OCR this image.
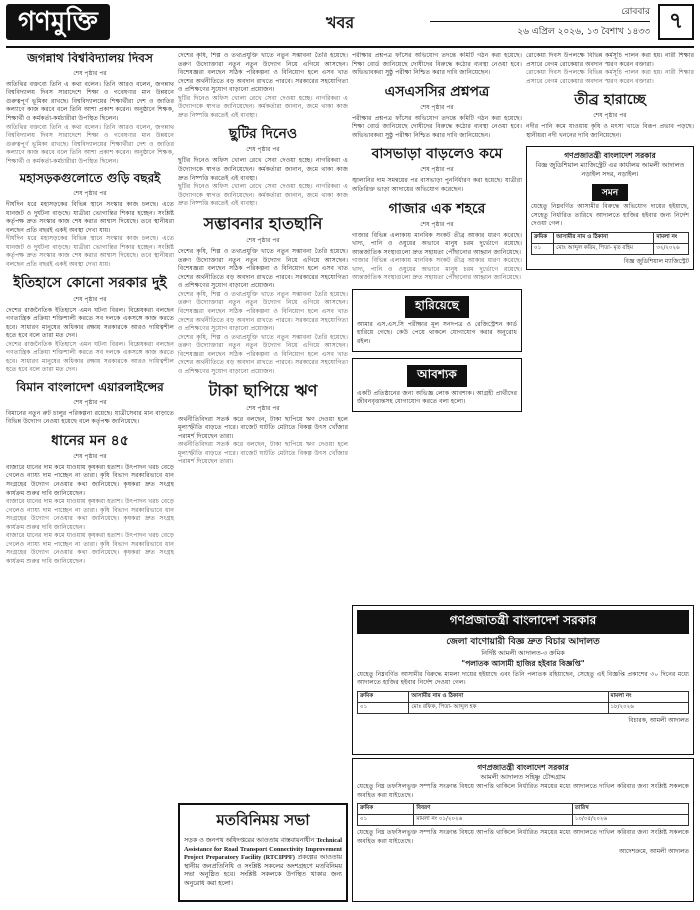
গণমুক্তি	খবর
রোববার
২৬ এপ্রিল ২০২৬, ১৩ বৈশাখ ১৪৩৩ ৭
জগন্নাথ বিশ্ববিদ্যালয় দিবস
শেষ পৃষ্ঠার পর
অতিথির বক্তব্যে তিনি এ কথা বলেন। তিনি আরও বলেন, জগন্নাথ বিশ্ববিদ্যালয় দিবস সারাদেশে শিক্ষা ও গবেষণার মান উন্নয়নে গুরুত্বপূর্ণ ভূমিকা রাখছে। বিশ্ববিদ্যালয়ের শিক্ষার্থীরা দেশ ও জাতির কল্যাণে কাজ করবে বলে তিনি আশা প্রকাশ করেন। অনুষ্ঠানে শিক্ষক, শিক্ষার্থী ও কর্মকর্তা-কর্মচারীরা উপস্থিত ছিলেন।
অতিথির বক্তব্যে তিনি এ কথা বলেন। তিনি আরও বলেন, জগন্নাথ বিশ্ববিদ্যালয় দিবস সারাদেশে শিক্ষা ও গবেষণার মান উন্নয়নে গুরুত্বপূর্ণ ভূমিকা রাখছে। বিশ্ববিদ্যালয়ের শিক্ষার্থীরা দেশ ও জাতির কল্যাণে কাজ করবে বলে তিনি আশা প্রকাশ করেন। অনুষ্ঠানে শিক্ষক, শিক্ষার্থী ও কর্মকর্তা-কর্মচারীরা উপস্থিত ছিলেন।
মহাসড়কগুলোতে গুড়ি বছরই
শেষ পৃষ্ঠার পর
দীর্ঘদিন ধরে মহাসড়কের বিভিন্ন স্থানে সংস্কার কাজ চলছে। এতে যানজট ও দুর্ঘটনা বাড়ছে। যাত্রীরা ভোগান্তির শিকার হচ্ছেন। সংশ্লিষ্ট কর্তৃপক্ষ দ্রুত সংস্কার কাজ শেষ করার আশ্বাস দিয়েছে। তবে স্থানীয়রা বলছেন প্রতি বছরই একই অবস্থা দেখা যায়।
দীর্ঘদিন ধরে মহাসড়কের বিভিন্ন স্থানে সংস্কার কাজ চলছে। এতে যানজট ও দুর্ঘটনা বাড়ছে। যাত্রীরা ভোগান্তির শিকার হচ্ছেন। সংশ্লিষ্ট কর্তৃপক্ষ দ্রুত সংস্কার কাজ শেষ করার আশ্বাস দিয়েছে। তবে স্থানীয়রা বলছেন প্রতি বছরই একই অবস্থা দেখা যায়।
ইতিহাসে কোনো সরকার দুই
শেষ পৃষ্ঠার পর
দেশের রাজনৈতিক ইতিহাসে এমন ঘটনা বিরল। বিশ্লেষকরা বলছেন গণতান্ত্রিক প্রক্রিয়া শক্তিশালী করতে সব দলকে একসঙ্গে কাজ করতে হবে। সাধারণ মানুষের অধিকার রক্ষায় সরকারকে আরও দায়িত্বশীল হতে হবে বলে তারা মত দেন।
দেশের রাজনৈতিক ইতিহাসে এমন ঘটনা বিরল। বিশ্লেষকরা বলছেন গণতান্ত্রিক প্রক্রিয়া শক্তিশালী করতে সব দলকে একসঙ্গে কাজ করতে হবে। সাধারণ মানুষের অধিকার রক্ষায় সরকারকে আরও দায়িত্বশীল হতে হবে বলে তারা মত দেন।
বিমান বাংলাদেশ এয়ারলাইন্সের
শেষ পৃষ্ঠার পর
বিমানের নতুন রুট চালুর পরিকল্পনা রয়েছে। যাত্রীসেবার মান বাড়াতে বিভিন্ন উদ্যোগ নেওয়া হয়েছে বলে কর্তৃপক্ষ জানিয়েছে।
ধানের মন ৪৫
শেষ পৃষ্ঠার পর
বাজারে ধানের দাম কমে যাওয়ায় কৃষকরা হতাশ। উৎপাদন খরচ বেড়ে গেলেও ন্যায্য দাম পাচ্ছেন না তারা। কৃষি বিভাগ সরকারিভাবে ধান সংগ্রহের উদ্যোগ নেওয়ার কথা জানিয়েছে। কৃষকরা দ্রুত সংগ্রহ কার্যক্রম শুরুর দাবি জানিয়েছেন।
বাজারে ধানের দাম কমে যাওয়ায় কৃষকরা হতাশ। উৎপাদন খরচ বেড়ে গেলেও ন্যায্য দাম পাচ্ছেন না তারা। কৃষি বিভাগ সরকারিভাবে ধান সংগ্রহের উদ্যোগ নেওয়ার কথা জানিয়েছে। কৃষকরা দ্রুত সংগ্রহ কার্যক্রম শুরুর দাবি জানিয়েছেন।
বাজারে ধানের দাম কমে যাওয়ায় কৃষকরা হতাশ। উৎপাদন খরচ বেড়ে গেলেও ন্যায্য দাম পাচ্ছেন না তারা। কৃষি বিভাগ সরকারিভাবে ধান সংগ্রহের উদ্যোগ নেওয়ার কথা জানিয়েছে। কৃষকরা দ্রুত সংগ্রহ কার্যক্রম শুরুর দাবি জানিয়েছেন।
দেশের কৃষি, শিল্প ও তথ্যপ্রযুক্তি খাতে নতুন সম্ভাবনা তৈরি হয়েছে। তরুণ উদ্যোক্তারা নতুন নতুন উদ্যোগ নিয়ে এগিয়ে আসছেন। বিশেষজ্ঞরা বলছেন সঠিক পরিকল্পনা ও বিনিয়োগ হলে এসব খাত দেশের অর্থনীতিতে বড় অবদান রাখতে পারবে। সরকারের সহযোগিতা ও প্রশিক্ষণের সুযোগ বাড়ানো প্রয়োজন।
ছুটির দিনেও অফিস খোলা রেখে সেবা দেওয়া হচ্ছে। নাগরিকরা এ উদ্যোগকে স্বাগত জানিয়েছেন। কর্মকর্তারা জানান, জমে থাকা কাজ দ্রুত নিষ্পত্তি করতেই এই ব্যবস্থা।
ছুটির দিনেও
শেষ পৃষ্ঠার পর
ছুটির দিনেও অফিস খোলা রেখে সেবা দেওয়া হচ্ছে। নাগরিকরা এ উদ্যোগকে স্বাগত জানিয়েছেন। কর্মকর্তারা জানান, জমে থাকা কাজ দ্রুত নিষ্পত্তি করতেই এই ব্যবস্থা।
ছুটির দিনেও অফিস খোলা রেখে সেবা দেওয়া হচ্ছে। নাগরিকরা এ উদ্যোগকে স্বাগত জানিয়েছেন। কর্মকর্তারা জানান, জমে থাকা কাজ দ্রুত নিষ্পত্তি করতেই এই ব্যবস্থা।
সম্ভাবনার হাতছানি
শেষ পৃষ্ঠার পর
দেশের কৃষি, শিল্প ও তথ্যপ্রযুক্তি খাতে নতুন সম্ভাবনা তৈরি হয়েছে। তরুণ উদ্যোক্তারা নতুন নতুন উদ্যোগ নিয়ে এগিয়ে আসছেন। বিশেষজ্ঞরা বলছেন সঠিক পরিকল্পনা ও বিনিয়োগ হলে এসব খাত দেশের অর্থনীতিতে বড় অবদান রাখতে পারবে। সরকারের সহযোগিতা ও প্রশিক্ষণের সুযোগ বাড়ানো প্রয়োজন।
দেশের কৃষি, শিল্প ও তথ্যপ্রযুক্তি খাতে নতুন সম্ভাবনা তৈরি হয়েছে। তরুণ উদ্যোক্তারা নতুন নতুন উদ্যোগ নিয়ে এগিয়ে আসছেন। বিশেষজ্ঞরা বলছেন সঠিক পরিকল্পনা ও বিনিয়োগ হলে এসব খাত দেশের অর্থনীতিতে বড় অবদান রাখতে পারবে। সরকারের সহযোগিতা ও প্রশিক্ষণের সুযোগ বাড়ানো প্রয়োজন।
দেশের কৃষি, শিল্প ও তথ্যপ্রযুক্তি খাতে নতুন সম্ভাবনা তৈরি হয়েছে। তরুণ উদ্যোক্তারা নতুন নতুন উদ্যোগ নিয়ে এগিয়ে আসছেন। বিশেষজ্ঞরা বলছেন সঠিক পরিকল্পনা ও বিনিয়োগ হলে এসব খাত দেশের অর্থনীতিতে বড় অবদান রাখতে পারবে। সরকারের সহযোগিতা ও প্রশিক্ষণের সুযোগ বাড়ানো প্রয়োজন।
টাকা ছাপিয়ে ঋণ
শেষ পৃষ্ঠার পর
অর্থনীতিবিদরা সতর্ক করে বলছেন, টাকা ছাপিয়ে ঋণ দেওয়া হলে মূল্যস্ফীতি বাড়তে পারে। বাজেট ঘাটতি মেটাতে বিকল্প উৎস খোঁজার পরামর্শ দিয়েছেন তারা।
অর্থনীতিবিদরা সতর্ক করে বলছেন, টাকা ছাপিয়ে ঋণ দেওয়া হলে মূল্যস্ফীতি বাড়তে পারে। বাজেট ঘাটতি মেটাতে বিকল্প উৎস খোঁজার পরামর্শ দিয়েছেন তারা।
পরীক্ষার প্রশ্নপত্র ফাঁসের অভিযোগ তদন্তে কমিটি গঠন করা হয়েছে। শিক্ষা বোর্ড জানিয়েছে দোষীদের বিরুদ্ধে কঠোর ব্যবস্থা নেওয়া হবে। অভিভাবকরা সুষ্ঠু পরীক্ষা নিশ্চিত করার দাবি জানিয়েছেন।
এসএসসির প্রশ্নপত্র
শেষ পৃষ্ঠার পর
পরীক্ষার প্রশ্নপত্র ফাঁসের অভিযোগ তদন্তে কমিটি গঠন করা হয়েছে। শিক্ষা বোর্ড জানিয়েছে দোষীদের বিরুদ্ধে কঠোর ব্যবস্থা নেওয়া হবে। অভিভাবকরা সুষ্ঠু পরীক্ষা নিশ্চিত করার দাবি জানিয়েছেন।
বাসভাড়া বাড়লেও কমে
শেষ পৃষ্ঠার পর
জ্বালানির দাম সমন্বয়ের পর বাসভাড়া পুনর্নির্ধারণ করা হয়েছে। যাত্রীরা অতিরিক্ত ভাড়া আদায়ের অভিযোগ করেছেন।
গাজার এক শহরে
শেষ পৃষ্ঠার পর
গাজার বিভিন্ন এলাকায় মানবিক সংকট তীব্র আকার ধারণ করেছে। খাদ্য, পানি ও ওষুধের অভাবে মানুষ চরম দুর্ভোগে রয়েছে। আন্তর্জাতিক সংস্থাগুলো দ্রুত সহায়তা পৌঁছানোর আহ্বান জানিয়েছে।
গাজার বিভিন্ন এলাকায় মানবিক সংকট তীব্র আকার ধারণ করেছে। খাদ্য, পানি ও ওষুধের অভাবে মানুষ চরম দুর্ভোগে রয়েছে। আন্তর্জাতিক সংস্থাগুলো দ্রুত সহায়তা পৌঁছানোর আহ্বান জানিয়েছে।
হারিয়েছে
আমার এস.এস.সি পরীক্ষার মূল সনদপত্র ও রেজিস্ট্রেশন কার্ড হারিয়ে গেছে। কেউ পেয়ে থাকলে যোগাযোগ করার অনুরোধ রইল।
আবশ্যক
একটি প্রতিষ্ঠানের জন্য অভিজ্ঞ লোক আবশ্যক। আগ্রহী প্রার্থীদের জীবনবৃত্তান্তসহ যোগাযোগ করতে বলা হলো।
রোকেয়া দিবস উপলক্ষে বিভিন্ন কর্মসূচি পালন করা হয়। নারী শিক্ষার প্রসারে বেগম রোকেয়ার অবদান স্মরণ করেন বক্তারা।
রোকেয়া দিবস উপলক্ষে বিভিন্ন কর্মসূচি পালন করা হয়। নারী শিক্ষার প্রসারে বেগম রোকেয়ার অবদান স্মরণ করেন বক্তারা।
তীব্র হারাচ্ছে
শেষ পৃষ্ঠার পর
নদীর পানি কমে যাওয়ায় কৃষি ও মৎস্য খাতে বিরূপ প্রভাব পড়ছে। স্থানীয়রা নদী খননের দাবি জানিয়েছেন।
গণপ্রজাতন্ত্রী বাংলাদেশ সরকার
বিজ্ঞ জুডিশিয়াল ম্যাজিস্ট্রেট এর কার্যালয় আমলী আদালত নড়াইল সদর, নড়াইল।
সমন
যেহেতু নিম্নবর্ণিত আসামীর বিরুদ্ধে অভিযোগ দায়ের হইয়াছে, সেহেতু নির্ধারিত তারিখে আদালতে হাজির হইবার জন্য নির্দেশ দেওয়া গেল।
ক্রমিক	আসামীর নাম ও ঠিকানা	মামলা নং
০১	মোঃ আব্দুল করিম, পিতা- মৃত রহিম	৩২/২০২৬
বিজ্ঞ জুডিশিয়াল ম্যাজিস্ট্রেট
গণপ্রজাতন্ত্রী বাংলাদেশ সরকার
জেলা বাণোয়ারী বিজ্ঞ দ্রুত বিচার আদালত
নির্দিষ্ট আমলী আদালত-৩ ক্রমিক
"পলাতক আসামী হাজির হইবার বিজ্ঞপ্তি"
যেহেতু নিম্নবর্ণিত আসামীর বিরুদ্ধে মামলা দায়ের হইয়াছে এবং তিনি পলাতক রহিয়াছেন, সেহেতু এই বিজ্ঞপ্তি প্রকাশের ৩০ দিনের মধ্যে আদালতে হাজির হইবার নির্দেশ দেওয়া গেল।
ক্রমিক	আসামীর নাম ও ঠিকানা	মামলা নং
০১	মোঃ রফিক, পিতা- আব্দুল হক	১৮/২০২৬
বিচারক, আমলী আদালত
গণপ্রজাতন্ত্রী বাংলাদেশ সরকার
আমলী আদালত সহিষ্ণু চৌদ্দগ্রাম
যেহেতু নিম্ন তফসিলভুক্ত সম্পত্তি সংক্রান্ত বিষয়ে আপত্তি থাকিলে নির্ধারিত সময়ের মধ্যে আদালতে দাখিল করিবার জন্য সংশ্লিষ্ট সকলকে অবহিত করা যাইতেছে।
ক্রমিক	বিবরণ	তারিখ
০১	মামলা নং ০১/২০২৬	১০/০৫/২০২৬
যেহেতু নিম্ন তফসিলভুক্ত সম্পত্তি সংক্রান্ত বিষয়ে আপত্তি থাকিলে নির্ধারিত সময়ের মধ্যে আদালতে দাখিল করিবার জন্য সংশ্লিষ্ট সকলকে অবহিত করা যাইতেছে।
আদেশক্রমে, আমলী আদালত
মতবিনিময় সভা
সড়ক ও জনপথ অধিদপ্তরের আওতায় বাস্তবায়নাধীন Technical Assistance for Road Transport Connectivity Improvement Project Preparatory Facility (RTCIPPF) প্রকল্পের আওতায় স্থানীয় জনপ্রতিনিধি ও সংশ্লিষ্ট সকলের অংশগ্রহণে মতবিনিময় সভা অনুষ্ঠিত হবে। সংশ্লিষ্ট সকলকে উপস্থিত থাকার জন্য অনুরোধ করা হলো।
